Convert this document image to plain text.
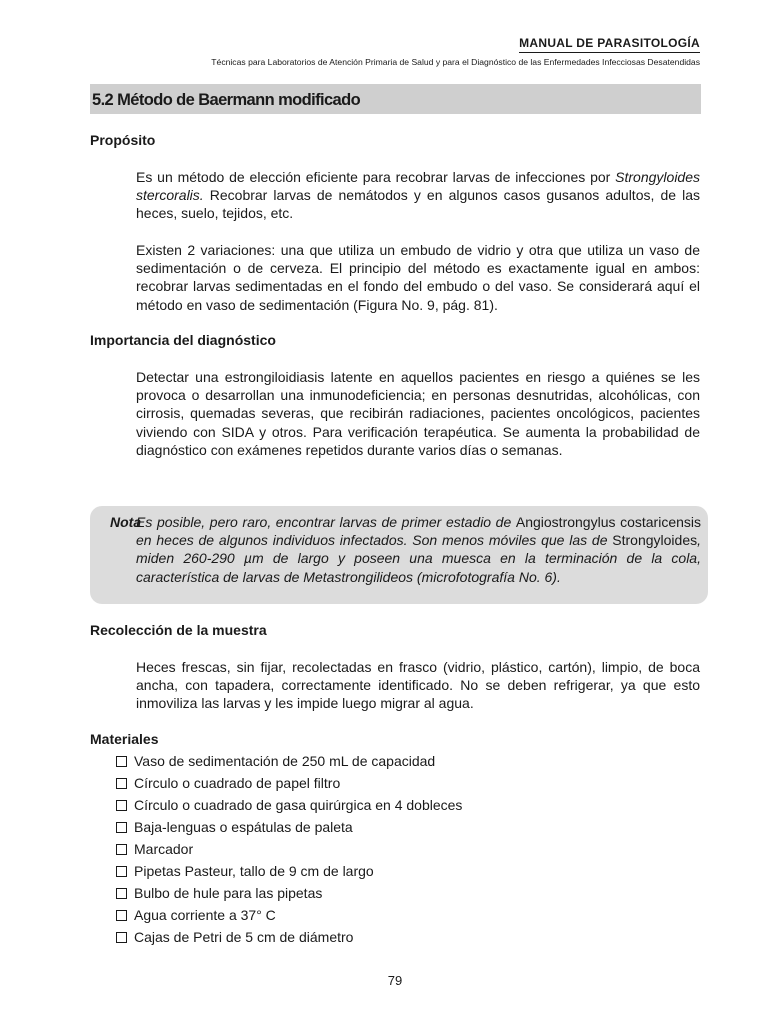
MANUAL DE PARASITOLOGÍA
Técnicas para Laboratorios de Atención Primaria de Salud y para el Diagnóstico de las Enfermedades Infecciosas Desatendidas
5.2 Método de Baermann modificado
Propósito
Es un método de elección eficiente para recobrar larvas de infecciones por Strongyloides stercoralis. Recobrar larvas de nemátodos y en algunos casos gusanos adultos, de las heces, suelo, tejidos, etc.
Existen 2 variaciones: una que utiliza un embudo de vidrio y otra que utiliza un vaso de sedimentación o de cerveza. El principio del método es exactamente igual en ambos: recobrar larvas sedimentadas en el fondo del embudo o del vaso. Se considerará aquí el método en vaso de sedimentación (Figura No. 9, pág. 81).
Importancia del diagnóstico
Detectar una estrongiloidiasis latente en aquellos pacientes en riesgo a quiénes se les provoca o desarrollan una inmunodeficiencia; en personas desnutridas, alcohólicas, con cirrosis, quemadas severas, que recibirán radiaciones, pacientes oncológicos, pacientes viviendo con SIDA y otros. Para verificación terapéutica. Se aumenta la probabilidad de diagnóstico con exámenes repetidos durante varios días o semanas.
Nota
Es posible, pero raro, encontrar larvas de primer estadio de Angiostrongylus costaricensis en heces de algunos individuos infectados. Son menos móviles que las de Strongyloides, miden 260-290 µm de largo y poseen una muesca en la terminación de la cola, característica de larvas de Metastrongilideos (microfotografía No. 6).
Recolección de la muestra
Heces frescas, sin fijar, recolectadas en frasco (vidrio, plástico, cartón), limpio, de boca ancha, con tapadera, correctamente identificado. No se deben refrigerar, ya que esto inmoviliza las larvas y les impide luego migrar al agua.
Materiales
Vaso de sedimentación de 250 mL de capacidad
Círculo o cuadrado de papel filtro
Círculo o cuadrado de gasa quirúrgica en 4 dobleces
Baja-lenguas o espátulas de paleta
Marcador
Pipetas Pasteur, tallo de 9 cm de largo
Bulbo de hule para las pipetas
Agua corriente a 37° C
Cajas de Petri de 5 cm de diámetro
79
